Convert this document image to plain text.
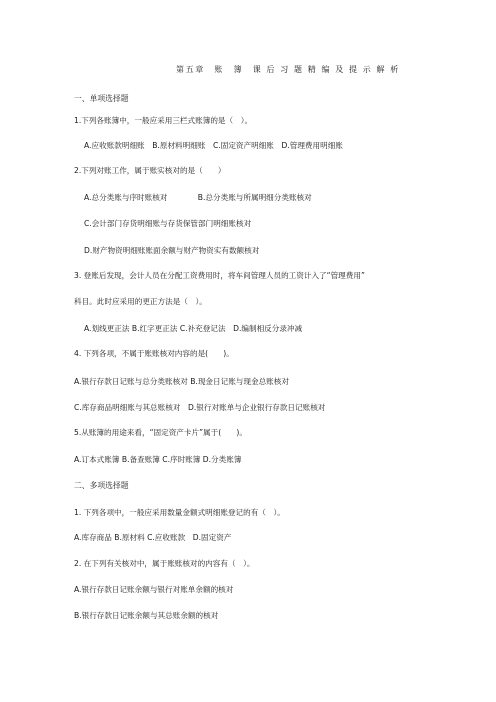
第五章　账　簿　课 后 习 题 精 编 及 提 示 解 析
一、单项选择题
1.下列各账簿中，一般应采用三栏式账簿的是（　）。
A.应收账款明细账　B.原材料明细账　C.固定资产明细账　D.管理费用明细账
2.下列对账工作，属于账实核对的是（　　）
A.总分类账与序时账核对　　　　B.总分类账与所属明细分类账核对
C.会计部门存货明细账与存货保管部门明细账核对
D.财产物资明细账账面余额与财产物资实有数额核对
3. 登账后发现，会计人员在分配工资费用时，将车间管理人员的工资计入了“管理费用”
科目。此时应采用的更正方法是（　）。
A.划线更正法 B.红字更正法 C.补充登记法　D.编制相反分录冲减
4. 下列各项，不属于账账核对内容的是(　　)。
A.银行存款日记账与总分类账核对 B.现金日记账与现金总账核对
C.库存商品明细账与其总账核对　D.银行对账单与企业银行存款日记账核对
5.从账簿的用途来看，“固定资产卡片”属于(　　)。
A.订本式账簿 B.备查账簿 C.序时账簿 D.分类账簿
二、多项选择题
1. 下列各项中，一般应采用数量金额式明细账登记的有（　）。
A.库存商品 B.原材料 C.应收账款　D.固定资产
2. 在下列有关核对中，属于账账核对的内容有（　）。
A.银行存款日记账余额与银行对账单余额的核对
B.银行存款日记账余额与其总账余额的核对
